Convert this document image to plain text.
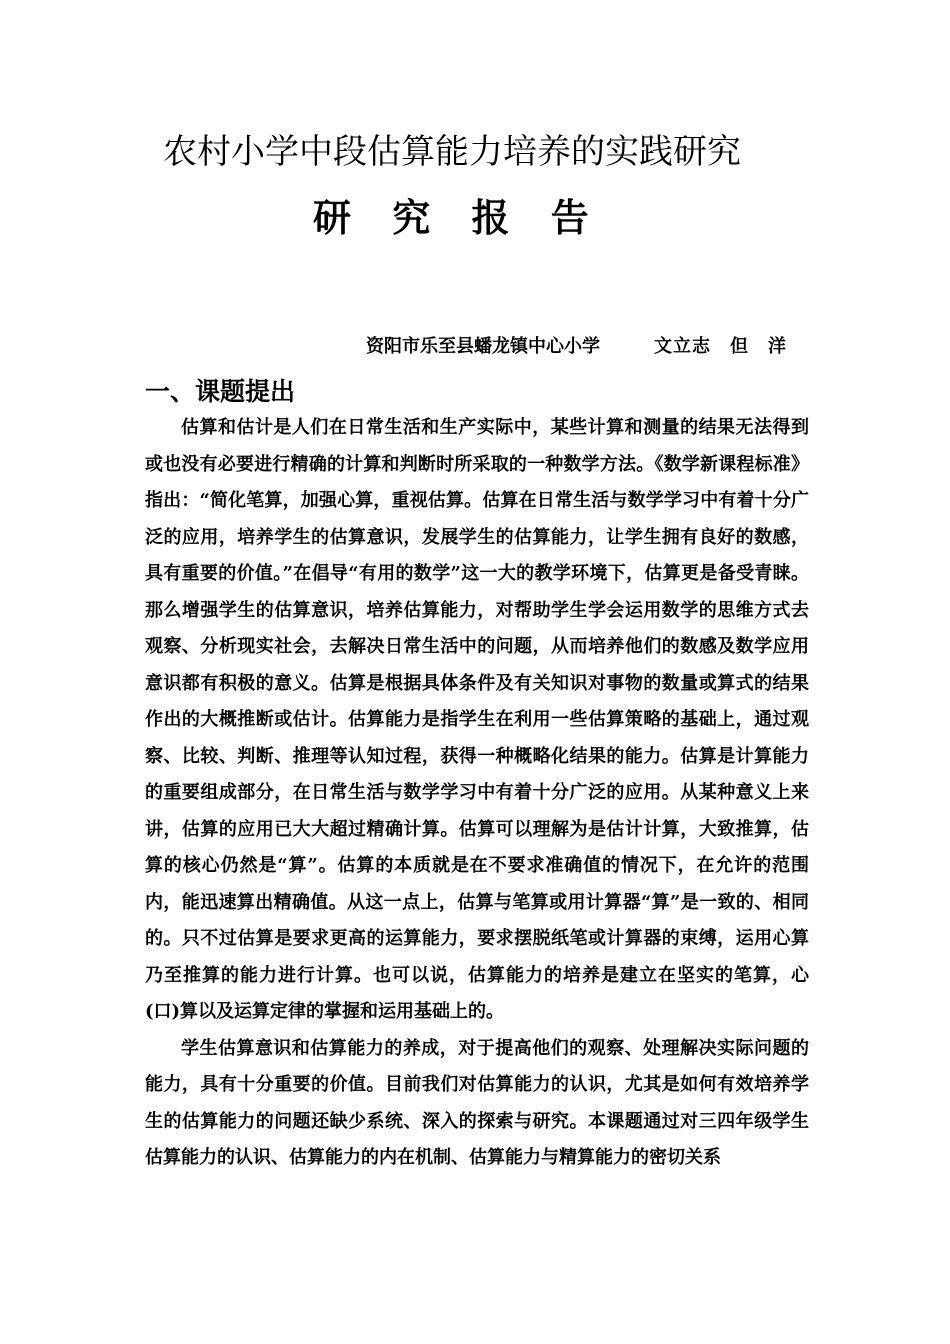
农村小学中段估算能力培养的实践研究
研 究 报 告
资阳市乐至县蟠龙镇中心小学	文立志　但　洋
一、课题提出

估算和估计是人们在日常生活和生产实际中，某些计算和测量的结果无法得到或也没有必要进行精确的计算和判断时所采取的一种数学方法。《数学新课程标准》指出：“简化笔算，加强心算，重视估算。估算在日常生活与数学学习中有着十分广泛的应用，培养学生的估算意识，发展学生的估算能力，让学生拥有良好的数感，具有重要的价值。”在倡导“有用的数学”这一大的教学环境下，估算更是备受青睐。那么增强学生的估算意识，培养估算能力，对帮助学生学会运用数学的思维方式去观察、分析现实社会，去解决日常生活中的问题，从而培养他们的数感及数学应用意识都有积极的意义。估算是根据具体条件及有关知识对事物的数量或算式的结果作出的大概推断或估计。估算能力是指学生在利用一些估算策略的基础上，通过观察、比较、判断、推理等认知过程，获得一种概略化结果的能力。估算是计算能力的重要组成部分，在日常生活与数学学习中有着十分广泛的应用。从某种意义上来讲，估算的应用已大大超过精确计算。估算可以理解为是估计计算，大致推算，估算的核心仍然是“算”。估算的本质就是在不要求准确值的情况下，在允许的范围内，能迅速算出精确值。从这一点上，估算与笔算或用计算器“算”是一致的、相同的。只不过估算是要求更高的运算能力，要求摆脱纸笔或计算器的束缚，运用心算乃至推算的能力进行计算。也可以说，估算能力的培养是建立在坚实的笔算，心(口)算以及运算定律的掌握和运用基础上的。

学生估算意识和估算能力的养成，对于提高他们的观察、处理解决实际问题的能力，具有十分重要的价值。目前我们对估算能力的认识，尤其是如何有效培养学生的估算能力的问题还缺少系统、深入的探索与研究。本课题通过对三四年级学生估算能力的认识、估算能力的内在机制、估算能力与精算能力的密切关系
